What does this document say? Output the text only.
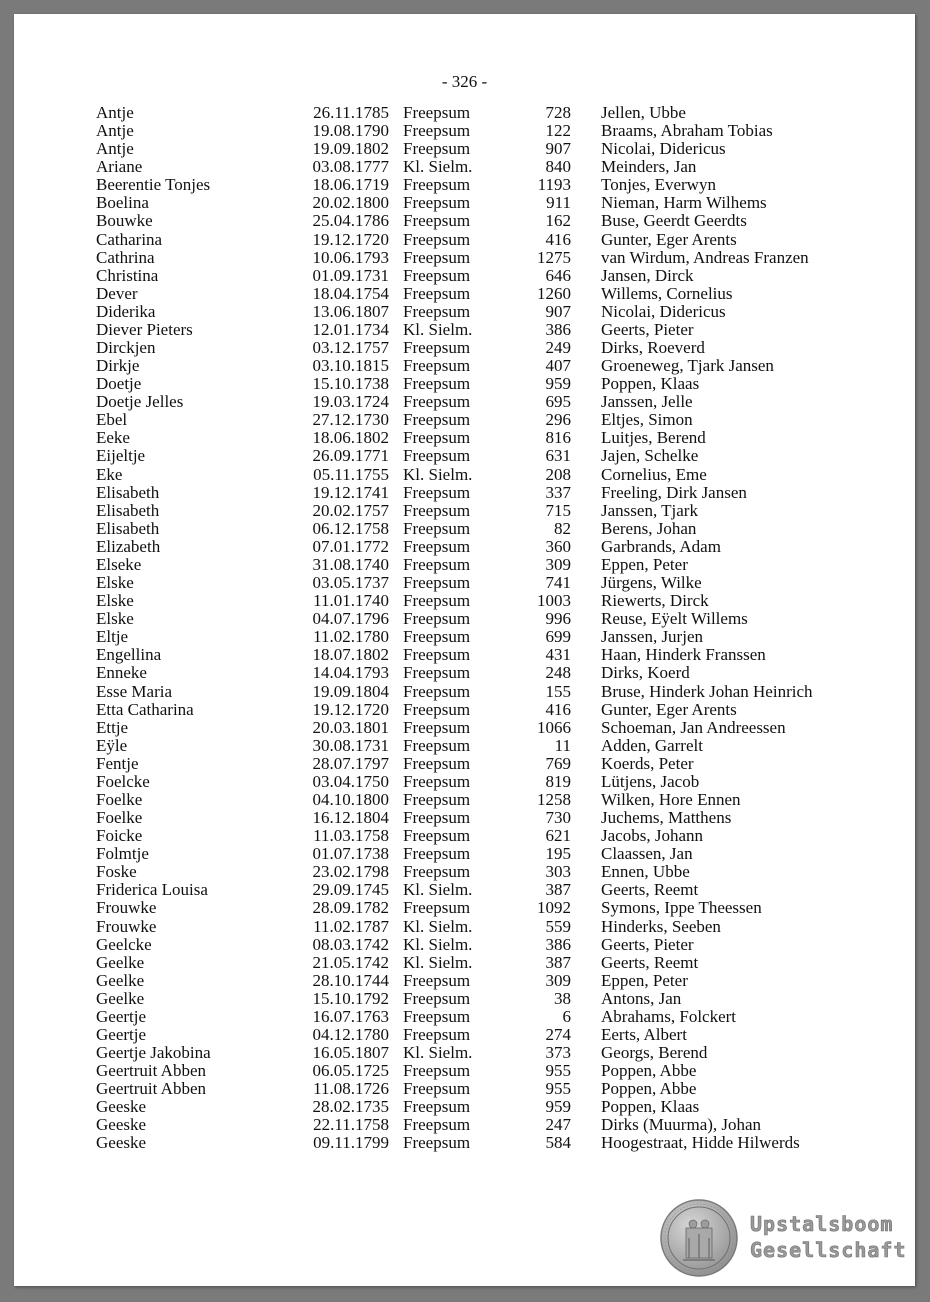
- 326 -
Antje	26.11.1785 Freepsum	728	Jellen, Ubbe
Antje	19.08.1790 Freepsum	122	Braams, Abraham Tobias
Antje	19.09.1802 Freepsum	907	Nicolai, Didericus
Ariane	03.08.1777 Kl. Sielm.	840	Meinders, Jan
Beerentie Tonjes	18.06.1719 Freepsum	1193	Tonjes, Everwyn
Boelina	20.02.1800 Freepsum	911	Nieman, Harm Wilhems
Bouwke	25.04.1786 Freepsum	162	Buse, Geerdt Geerdts
Catharina	19.12.1720 Freepsum	416	Gunter, Eger Arents
Cathrina	10.06.1793 Freepsum	1275	van Wirdum, Andreas Franzen
Christina	01.09.1731 Freepsum	646	Jansen, Dirck
Dever	18.04.1754 Freepsum	1260	Willems, Cornelius
Diderika	13.06.1807 Freepsum	907	Nicolai, Didericus
Diever Pieters	12.01.1734 Kl. Sielm.	386	Geerts, Pieter
Dirckjen	03.12.1757 Freepsum	249	Dirks, Roeverd
Dirkje	03.10.1815 Freepsum	407	Groeneweg, Tjark Jansen
Doetje	15.10.1738 Freepsum	959	Poppen, Klaas
Doetje Jelles	19.03.1724 Freepsum	695	Janssen, Jelle
Ebel	27.12.1730 Freepsum	296	Eltjes, Simon
Eeke	18.06.1802 Freepsum	816	Luitjes, Berend
Eijeltje	26.09.1771 Freepsum	631	Jajen, Schelke
Eke	05.11.1755 Kl. Sielm.	208	Cornelius, Eme
Elisabeth	19.12.1741 Freepsum	337	Freeling, Dirk Jansen
Elisabeth	20.02.1757 Freepsum	715	Janssen, Tjark
Elisabeth	06.12.1758 Freepsum	82	Berens, Johan
Elizabeth	07.01.1772 Freepsum	360	Garbrands, Adam
Elseke	31.08.1740 Freepsum	309	Eppen, Peter
Elske	03.05.1737 Freepsum	741	Jürgens, Wilke
Elske	11.01.1740 Freepsum	1003	Riewerts, Dirck
Elske	04.07.1796 Freepsum	996	Reuse, Eÿelt Willems
Eltje	11.02.1780 Freepsum	699	Janssen, Jurjen
Engellina	18.07.1802 Freepsum	431	Haan, Hinderk Franssen
Enneke	14.04.1793 Freepsum	248	Dirks, Koerd
Esse Maria	19.09.1804 Freepsum	155	Bruse, Hinderk Johan Heinrich
Etta Catharina	19.12.1720 Freepsum	416	Gunter, Eger Arents
Ettje	20.03.1801 Freepsum	1066	Schoeman, Jan Andreessen
Eÿle	30.08.1731 Freepsum	11	Adden, Garrelt
Fentje	28.07.1797 Freepsum	769	Koerds, Peter
Foelcke	03.04.1750 Freepsum	819	Lütjens, Jacob
Foelke	04.10.1800 Freepsum	1258	Wilken, Hore Ennen
Foelke	16.12.1804 Freepsum	730	Juchems, Matthens
Foicke	11.03.1758 Freepsum	621	Jacobs, Johann
Folmtje	01.07.1738 Freepsum	195	Claassen, Jan
Foske	23.02.1798 Freepsum	303	Ennen, Ubbe
Friderica Louisa	29.09.1745 Kl. Sielm.	387	Geerts, Reemt
Frouwke	28.09.1782 Freepsum	1092	Symons, Ippe Theessen
Frouwke	11.02.1787 Kl. Sielm.	559	Hinderks, Seeben
Geelcke	08.03.1742 Kl. Sielm.	386	Geerts, Pieter
Geelke	21.05.1742 Kl. Sielm.	387	Geerts, Reemt
Geelke	28.10.1744 Freepsum	309	Eppen, Peter
Geelke	15.10.1792 Freepsum	38	Antons, Jan
Geertje	16.07.1763 Freepsum	6	Abrahams, Folckert
Geertje	04.12.1780 Freepsum	274	Eerts, Albert
Geertje Jakobina	16.05.1807 Kl. Sielm.	373	Georgs, Berend
Geertruit Abben	06.05.1725 Freepsum	955	Poppen, Abbe
Geertruit Abben	11.08.1726 Freepsum	955	Poppen, Abbe
Geeske	28.02.1735 Freepsum	959	Poppen, Klaas
Geeske	22.11.1758 Freepsum	247	Dirks (Muurma), Johan
Geeske	09.11.1799 Freepsum	584	Hoogestraat, Hidde Hilwerds
Upstalsboom
Gesellschaft
